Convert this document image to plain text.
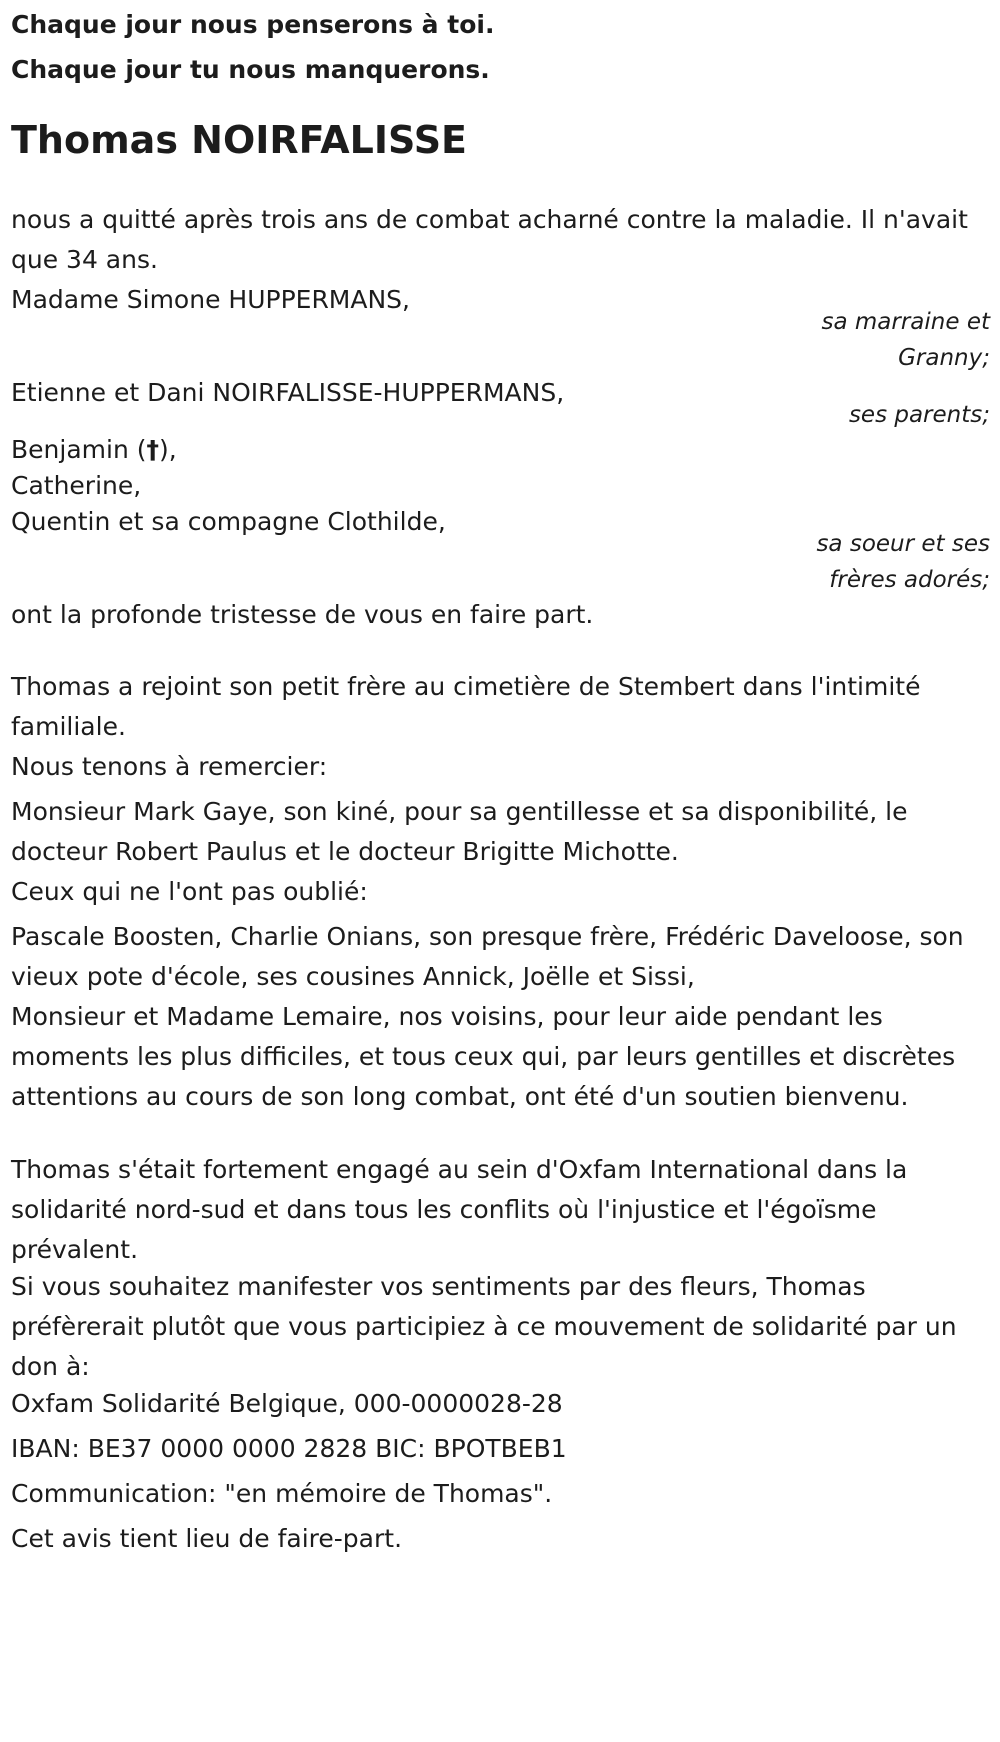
Chaque jour nous penserons à toi.
Chaque jour tu nous manquerons.
Thomas NOIRFALISSE
nous a quitté après trois ans de combat acharné contre la maladie. Il n'avait que 34 ans.
Madame Simone HUPPERMANS,
sa marraine et
Granny;
Etienne et Dani NOIRFALISSE-HUPPERMANS,
ses parents;
Benjamin (†),
Catherine,
Quentin et sa compagne Clothilde,
sa soeur et ses
frères adorés;
ont la profonde tristesse de vous en faire part.
Thomas a rejoint son petit frère au cimetière de Stembert dans l'intimité familiale.
Nous tenons à remercier:
Monsieur Mark Gaye, son kiné, pour sa gentillesse et sa disponibilité, le docteur Robert Paulus et le docteur Brigitte Michotte.
Ceux qui ne l'ont pas oublié:
Pascale Boosten, Charlie Onians, son presque frère, Frédéric Daveloose, son vieux pote d'école, ses cousines Annick, Joëlle et Sissi,
Monsieur et Madame Lemaire, nos voisins, pour leur aide pendant les moments les plus difficiles, et tous ceux qui, par leurs gentilles et discrètes attentions au cours de son long combat, ont été d'un soutien bienvenu.
Thomas s'était fortement engagé au sein d'Oxfam International dans la solidarité nord-sud et dans tous les conflits où l'injustice et l'égoïsme prévalent.
Si vous souhaitez manifester vos sentiments par des fleurs, Thomas préfèrerait plutôt que vous participiez à ce mouvement de solidarité par un don à:
Oxfam Solidarité Belgique, 000-0000028-28
IBAN: BE37 0000 0000 2828 BIC: BPOTBEB1
Communication: "en mémoire de Thomas".
Cet avis tient lieu de faire-part.
